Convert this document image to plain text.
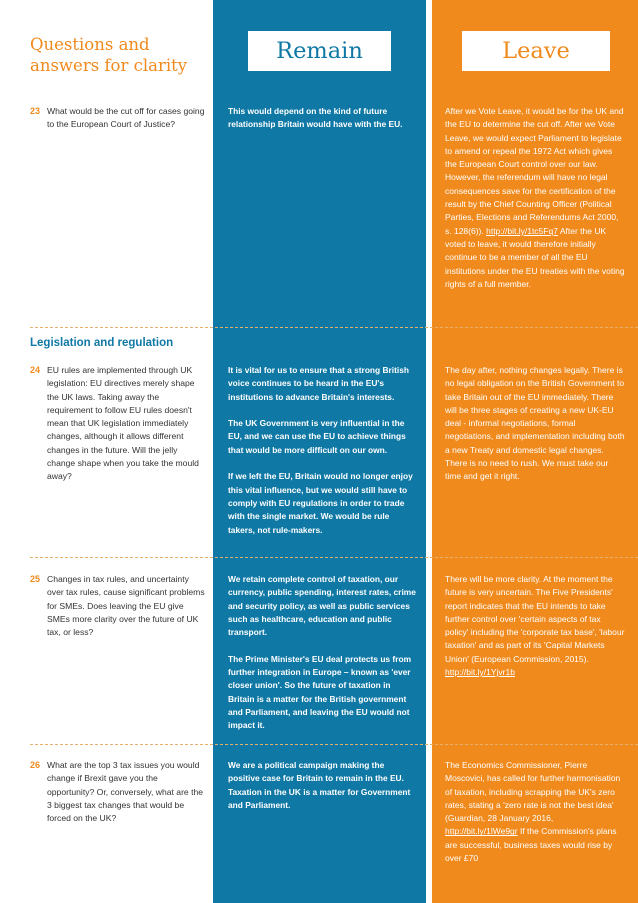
Questions and answers for clarity
Remain	Leave
23 What would be the cut off for cases going to the European Court of Justice?

This would depend on the kind of future relationship Britain would have with the EU.

After we Vote Leave, it would be for the UK and the EU to determine the cut off. After we Vote Leave, we would expect Parliament to legislate to amend or repeal the 1972 Act which gives the European Court control over our law. However, the referendum will have no legal consequences save for the certification of the result by the Chief Counting Officer (Political Parties, Elections and Referendums Act 2000, s. 128(6)). http://bit.ly/1tc5Fq7 After the UK voted to leave, it would therefore initially continue to be a member of all the EU institutions under the EU treaties with the voting rights of a full member.
Legislation and regulation
24 EU rules are implemented through UK legislation: EU directives merely shape the UK laws. Taking away the requirement to follow EU rules doesn't mean that UK legislation immediately changes, although it allows different changes in the future. Will the jelly change shape when you take the mould away?

It is vital for us to ensure that a strong British voice continues to be heard in the EU's institutions to advance Britain's interests.

The UK Government is very influential in the EU, and we can use the EU to achieve things that would be more difficult on our own.

If we left the EU, Britain would no longer enjoy this vital influence, but we would still have to comply with EU regulations in order to trade with the single market. We would be rule takers, not rule-makers.

The day after, nothing changes legally. There is no legal obligation on the British Government to take Britain out of the EU immediately. There will be three stages of creating a new UK-EU deal - informal negotiations, formal negotiations, and implementation including both a new Treaty and domestic legal changes. There is no need to rush. We must take our time and get it right.
25 Changes in tax rules, and uncertainty over tax rules, cause significant problems for SMEs. Does leaving the EU give SMEs more clarity over the future of UK tax, or less?

We retain complete control of taxation, our currency, public spending, interest rates, crime and security policy, as well as public services such as healthcare, education and public transport.

The Prime Minister's EU deal protects us from further integration in Europe – known as 'ever closer union'. So the future of taxation in Britain is a matter for the British government and Parliament, and leaving the EU would not impact it.

There will be more clarity. At the moment the future is very uncertain. The Five Presidents' report indicates that the EU intends to take further control over 'certain aspects of tax policy' including the 'corporate tax base', 'labour taxation' and as part of its 'Capital Markets Union' (European Commission, 2015). http://bit.ly/1Yjvr1b
26 What are the top 3 tax issues you would change if Brexit gave you the opportunity? Or, conversely, what are the 3 biggest tax changes that would be forced on the UK?

We are a political campaign making the positive case for Britain to remain in the EU. Taxation in the UK is a matter for Government and Parliament.

The Economics Commissioner, Pierre Moscovici, has called for further harmonisation of taxation, including scrapping the UK's zero rates, stating a 'zero rate is not the best idea' (Guardian, 28 January 2016, http://bit.ly/1lWe9gr If the Commission's plans are successful, business taxes would rise by over £70
